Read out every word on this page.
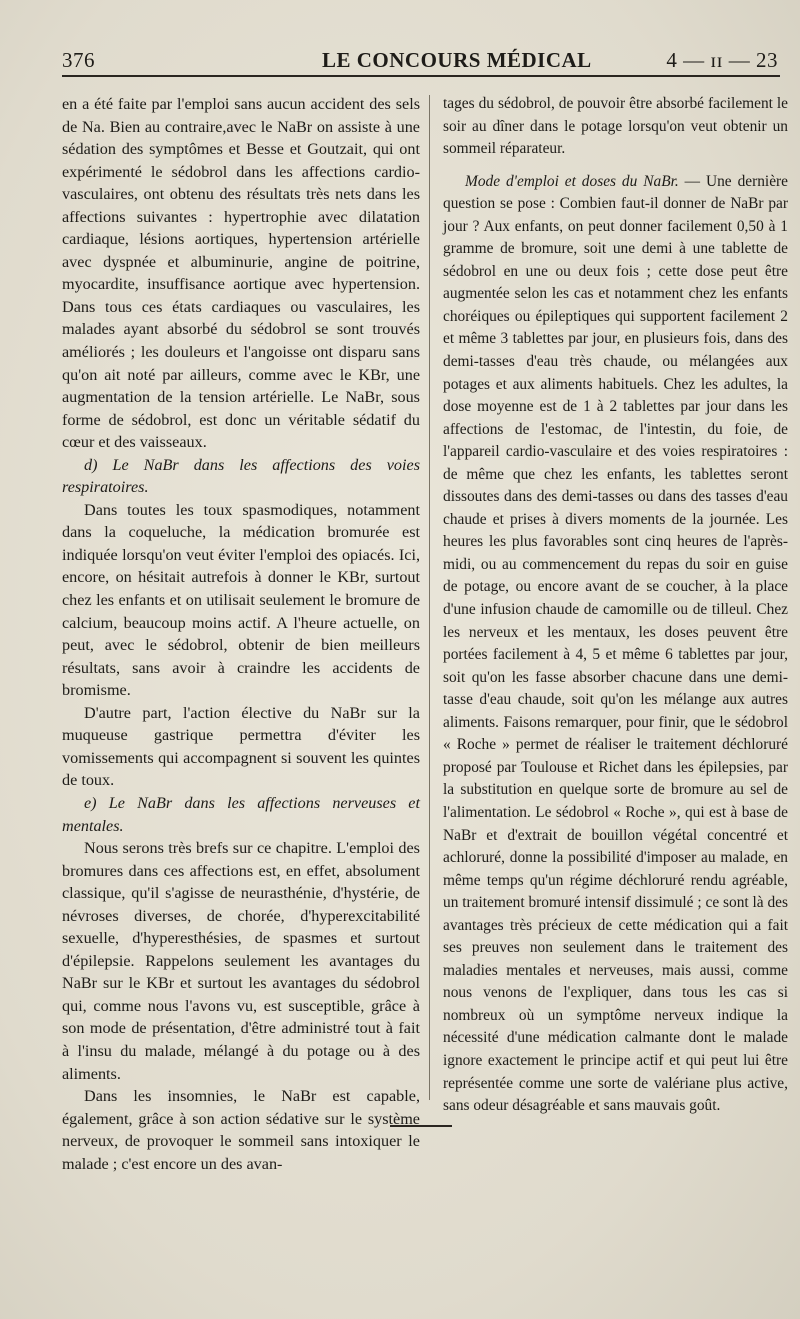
376	LE CONCOURS MÉDICAL	4 — ɪɪ — 23

en a été faite par l'emploi sans aucun accident des sels de Na. Bien au contraire,avec le NaBr on assiste à une sédation des symptômes et Besse et Goutzait, qui ont expérimenté le sédobrol dans les affections cardio-vasculaires, ont obtenu des résultats très nets dans les affections suivantes : hypertrophie avec dilatation cardiaque, lésions aortiques, hypertension artérielle avec dyspnée et albuminurie, angine de poitrine, myocardite, insuffisance aortique avec hypertension. Dans tous ces états cardiaques ou vasculaires, les malades ayant absorbé du sédobrol se sont trouvés améliorés ; les douleurs et l'angoisse ont disparu sans qu'on ait noté par ailleurs, comme avec le KBr, une augmentation de la tension artérielle. Le NaBr, sous forme de sédobrol, est donc un véritable sédatif du cœur et des vaisseaux.

d) Le NaBr dans les affections des voies respiratoires.

Dans toutes les toux spasmodiques, notamment dans la coqueluche, la médication bromurée est indiquée lorsqu'on veut éviter l'emploi des opiacés. Ici, encore, on hésitait autrefois à donner le KBr, surtout chez les enfants et on utilisait seulement le bromure de calcium, beaucoup moins actif. A l'heure actuelle, on peut, avec le sédobrol, obtenir de bien meilleurs résultats, sans avoir à craindre les accidents de bromisme.

D'autre part, l'action élective du NaBr sur la muqueuse gastrique permettra d'éviter les vomissements qui accompagnent si souvent les quintes de toux.

e) Le NaBr dans les affections nerveuses et mentales.

Nous serons très brefs sur ce chapitre. L'emploi des bromures dans ces affections est, en effet, absolument classique, qu'il s'agisse de neurasthénie, d'hystérie, de névroses diverses, de chorée, d'hyperexcitabilité sexuelle, d'hyperesthésies, de spasmes et surtout d'épilepsie. Rappelons seulement les avantages du NaBr sur le KBr et surtout les avantages du sédobrol qui, comme nous l'avons vu, est susceptible, grâce à son mode de présentation, d'être administré tout à fait à l'insu du malade, mélangé à du potage ou à des aliments.

Dans les insomnies, le NaBr est capable, également, grâce à son action sédative sur le système nerveux, de provoquer le sommeil sans intoxiquer le malade ; c'est encore un des avan-

tages du sédobrol, de pouvoir être absorbé facilement le soir au dîner dans le potage lorsqu'on veut obtenir un sommeil réparateur.

Mode d'emploi et doses du NaBr. — Une dernière question se pose : Combien faut-il donner de NaBr par jour ? Aux enfants, on peut donner facilement 0,50 à 1 gramme de bromure, soit une demi à une tablette de sédobrol en une ou deux fois ; cette dose peut être augmentée selon les cas et notamment chez les enfants choréiques ou épileptiques qui supportent facilement 2 et même 3 tablettes par jour, en plusieurs fois, dans des demi-tasses d'eau très chaude, ou mélangées aux potages et aux aliments habituels. Chez les adultes, la dose moyenne est de 1 à 2 tablettes par jour dans les affections de l'estomac, de l'intestin, du foie, de l'appareil cardio-vasculaire et des voies respiratoires : de même que chez les enfants, les tablettes seront dissoutes dans des demi-tasses ou dans des tasses d'eau chaude et prises à divers moments de la journée. Les heures les plus favorables sont cinq heures de l'après-midi, ou au commencement du repas du soir en guise de potage, ou encore avant de se coucher, à la place d'une infusion chaude de camomille ou de tilleul. Chez les nerveux et les mentaux, les doses peuvent être portées facilement à 4, 5 et même 6 tablettes par jour, soit qu'on les fasse absorber chacune dans une demi-tasse d'eau chaude, soit qu'on les mélange aux autres aliments. Faisons remarquer, pour finir, que le sédobrol « Roche » permet de réaliser le traitement déchloruré proposé par Toulouse et Richet dans les épilepsies, par la substitution en quelque sorte de bromure au sel de l'alimentation. Le sédobrol « Roche », qui est à base de NaBr et d'extrait de bouillon végétal concentré et achloruré, donne la possibilité d'imposer au malade, en même temps qu'un régime déchloruré rendu agréable, un traitement bromuré intensif dissimulé ; ce sont là des avantages très précieux de cette médication qui a fait ses preuves non seulement dans le traitement des maladies mentales et nerveuses, mais aussi, comme nous venons de l'expliquer, dans tous les cas si nombreux où un symptôme nerveux indique la nécessité d'une médication calmante dont le malade ignore exactement le principe actif et qui peut lui être représentée comme une sorte de valériane plus active, sans odeur désagréable et sans mauvais goût.
